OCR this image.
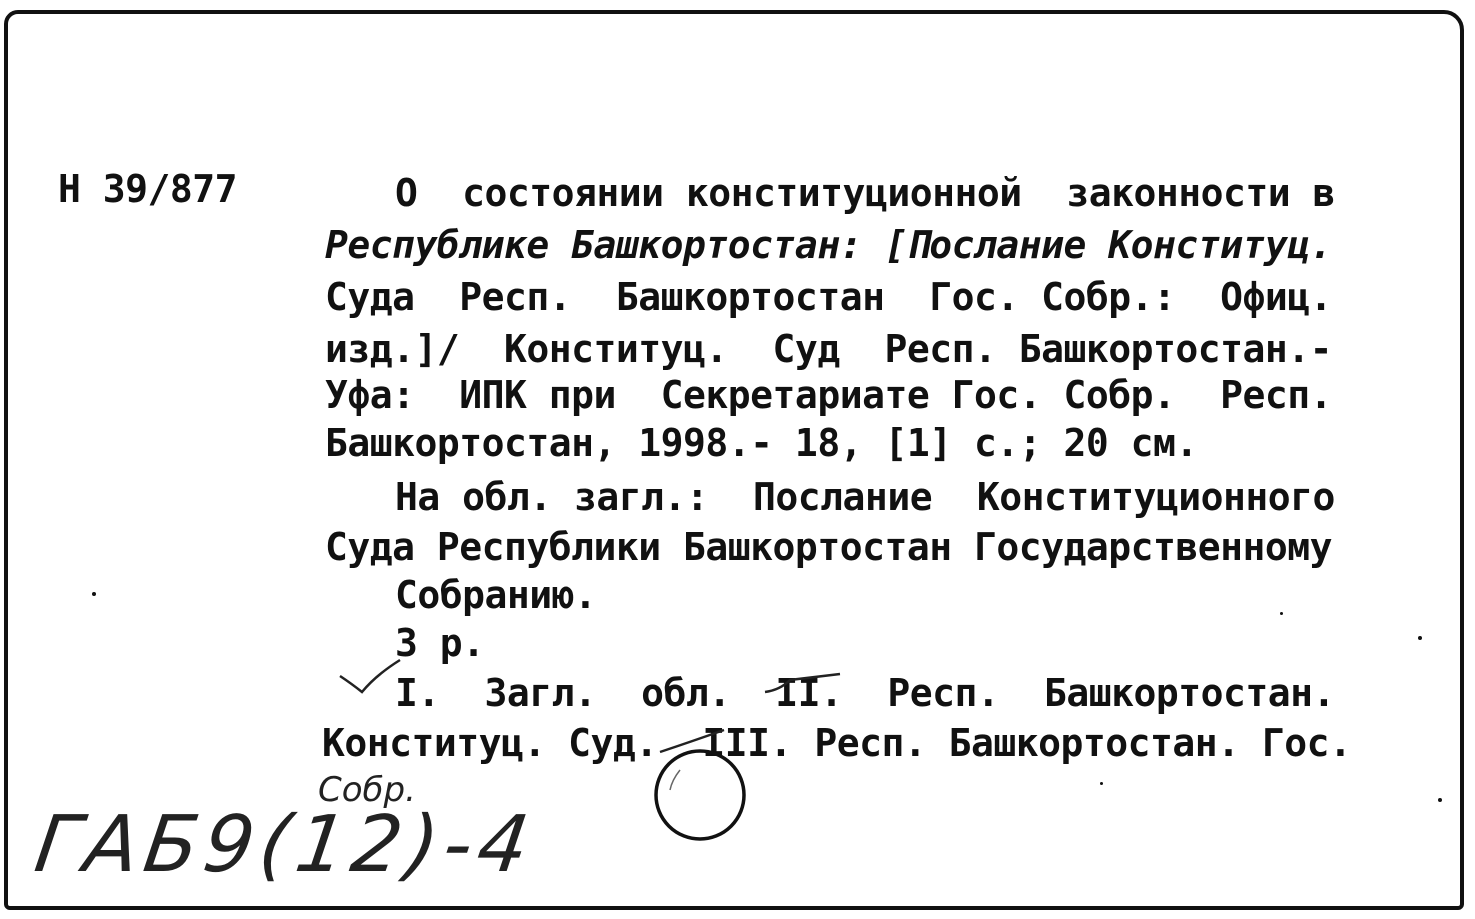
Н 39/877	О  состоянии конституционной  законности в
Республике Башкортостан: [Послание Конституц.
Суда  Респ.  Башкортостан  Гос. Собр.:  Офиц.
изд.]/  Конституц.  Суд  Респ. Башкортостан.-
Уфа:  ИПК при  Секретариате Гос. Собр.  Респ.
Башкортостан, 1998.- 18, [1] с.; 20 см.
На обл. загл.:  Послание  Конституционного
Суда Республики Башкортостан Государственному
Собранию.
3 р.
I.  Загл.  обл.  II.  Респ.  Башкортостан.
Конституц. Суд.  III. Респ. Башкортостан. Гос.
Собр.
ГАБ9(12)-4
